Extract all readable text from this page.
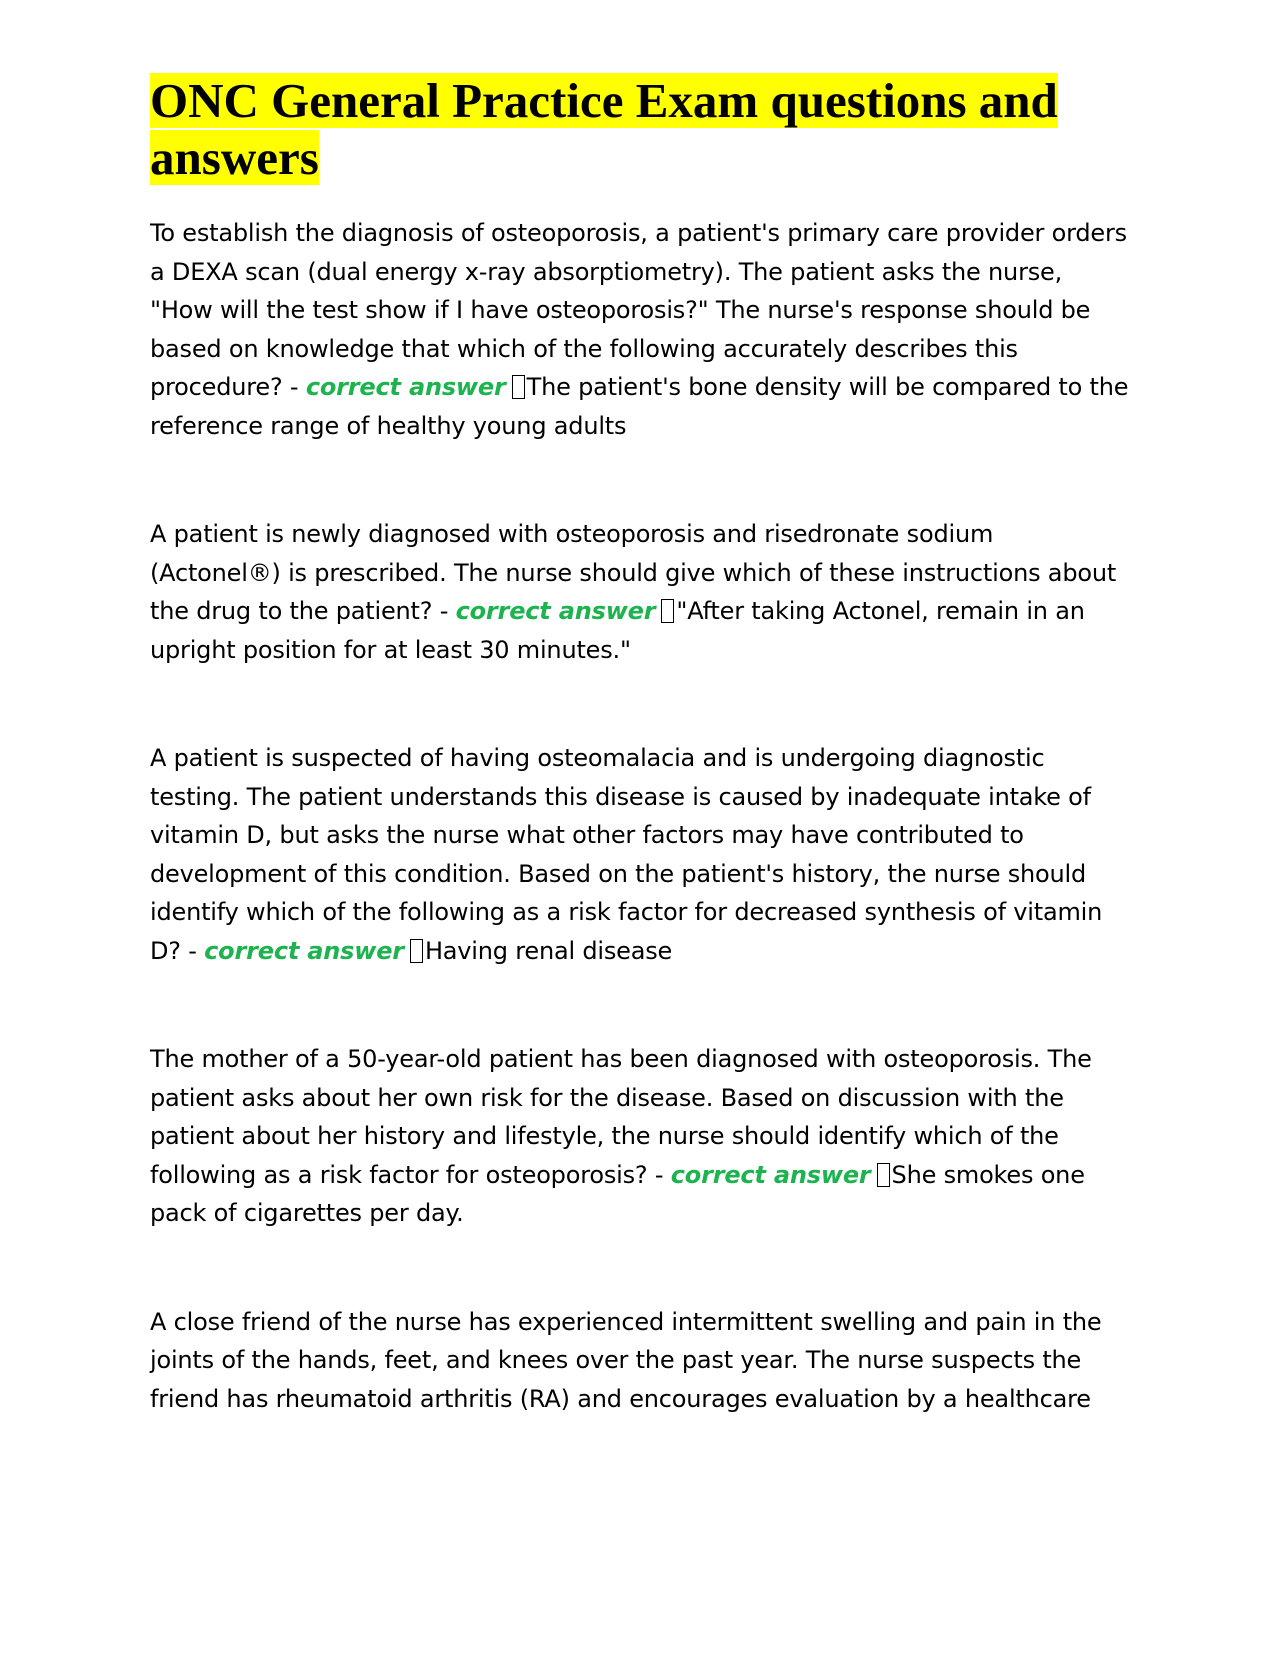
ONC General Practice Exam questions and answers

To establish the diagnosis of osteoporosis, a patient's primary care provider orders a DEXA scan (dual energy x-ray absorptiometry). The patient asks the nurse, "How will the test show if I have osteoporosis?" The nurse's response should be based on knowledge that which of the following accurately describes this procedure? - correct answer The patient's bone density will be compared to the reference range of healthy young adults

A patient is newly diagnosed with osteoporosis and risedronate sodium (Actonel®) is prescribed. The nurse should give which of these instructions about the drug to the patient? - correct answer "After taking Actonel, remain in an upright position for at least 30 minutes."

A patient is suspected of having osteomalacia and is undergoing diagnostic testing. The patient understands this disease is caused by inadequate intake of vitamin D, but asks the nurse what other factors may have contributed to development of this condition. Based on the patient's history, the nurse should identify which of the following as a risk factor for decreased synthesis of vitamin D? - correct answer Having renal disease

The mother of a 50-year-old patient has been diagnosed with osteoporosis. The patient asks about her own risk for the disease. Based on discussion with the patient about her history and lifestyle, the nurse should identify which of the following as a risk factor for osteoporosis? - correct answer She smokes one pack of cigarettes per day.

A close friend of the nurse has experienced intermittent swelling and pain in the joints of the hands, feet, and knees over the past year. The nurse suspects the friend has rheumatoid arthritis (RA) and encourages evaluation by a healthcare
